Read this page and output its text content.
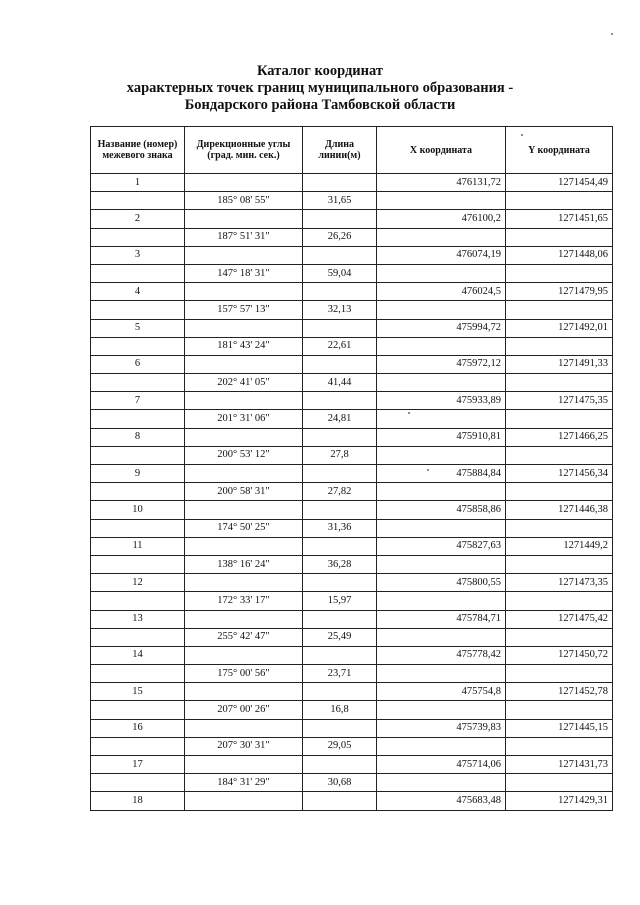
Каталог координат
характерных точек границ муниципального образования -
Бондарского района Тамбовской области
Название (номер) межевого знака	Дирекционные углы (град. мин. сек.)	Длина линии(м)	X координата	Y координата
1			476131,72	1271454,49
	185° 08' 55"	31,65		
2			476100,2	1271451,65
	187° 51' 31"	26,26		
3			476074,19	1271448,06
	147° 18' 31"	59,04		
4			476024,5	1271479,95
	157° 57' 13"	32,13		
5			475994,72	1271492,01
	181° 43' 24"	22,61		
6			475972,12	1271491,33
	202° 41' 05"	41,44		
7			475933,89	1271475,35
	201° 31' 06"	24,81		
8			475910,81	1271466,25
	200° 53' 12"	27,8		
9			475884,84	1271456,34
	200° 58' 31"	27,82		
10			475858,86	1271446,38
	174° 50' 25"	31,36		
11			475827,63	1271449,2
	138° 16' 24"	36,28		
12			475800,55	1271473,35
	172° 33' 17"	15,97		
13			475784,71	1271475,42
	255° 42' 47"	25,49		
14			475778,42	1271450,72
	175° 00' 56"	23,71		
15			475754,8	1271452,78
	207° 00' 26"	16,8		
16			475739,83	1271445,15
	207° 30' 31"	29,05		
17			475714,06	1271431,73
	184° 31' 29"	30,68		
18			475683,48	1271429,31
